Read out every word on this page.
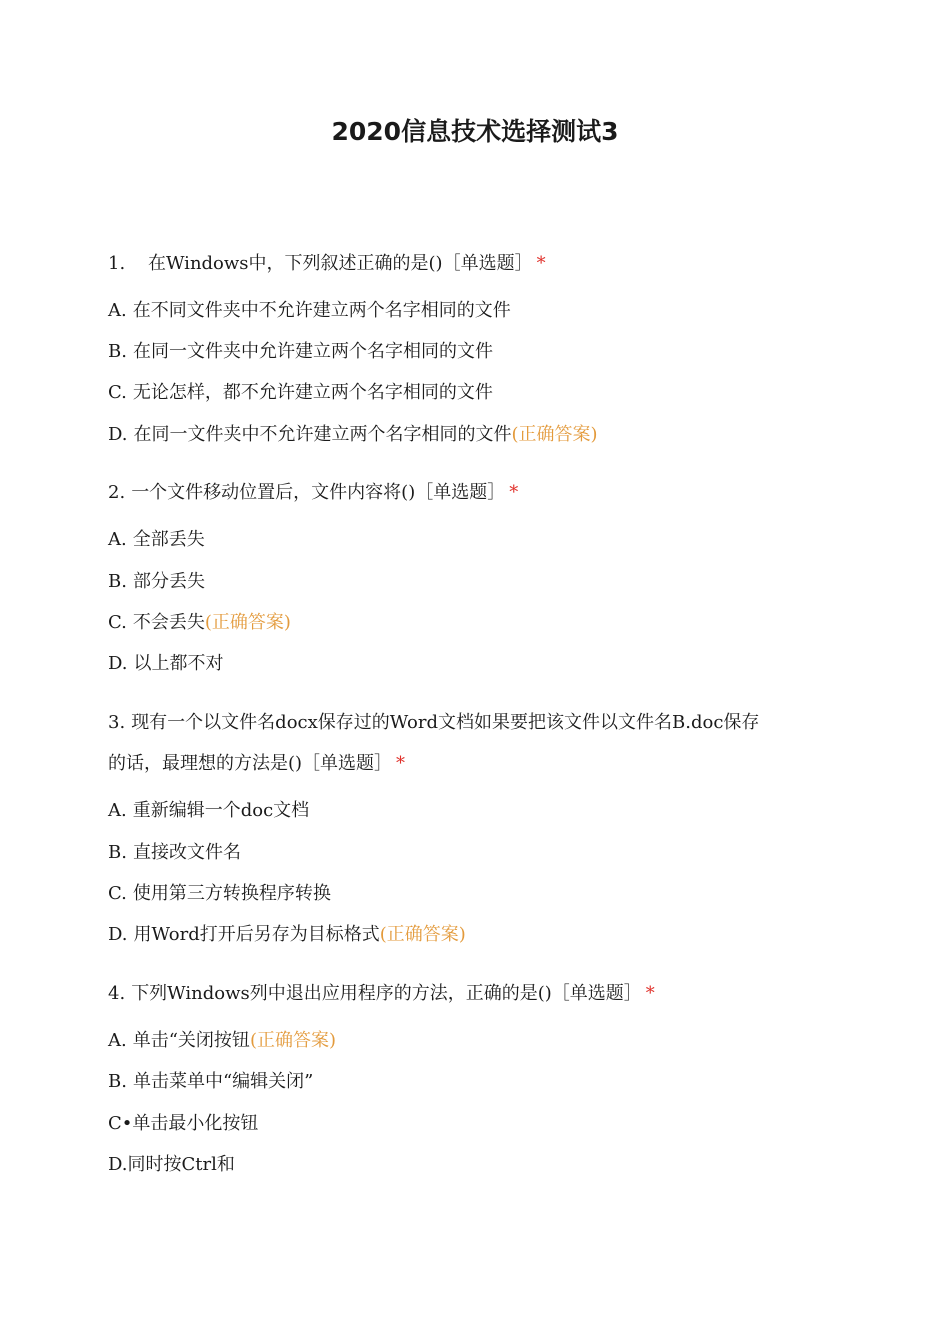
2020信息技术选择测试3
1. 在Windows中，下列叙述正确的是()［单选题］ *
A. 在不同文件夹中不允许建立两个名字相同的文件
B. 在同一文件夹中允许建立两个名字相同的文件
C. 无论怎样，都不允许建立两个名字相同的文件
D. 在同一文件夹中不允许建立两个名字相同的文件(正确答案)
2. 一个文件移动位置后，文件内容将()［单选题］ *
A. 全部丢失
B. 部分丢失
C. 不会丢失(正确答案)
D. 以上都不对
3. 现有一个以文件名docx保存过的Word文档如果要把该文件以文件名B.doc保存
的话，最理想的方法是()［单选题］ *
A. 重新编辑一个doc文档
B. 直接改文件名
C. 使用第三方转换程序转换
D. 用Word打开后另存为目标格式(正确答案)
4. 下列Windows列中退出应用程序的方法，正确的是()［单选题］ *
A. 单击“关闭按钮(正确答案)
B. 单击菜单中“编辑关闭”
C•单击最小化按钮
D.同时按Ctrl和
